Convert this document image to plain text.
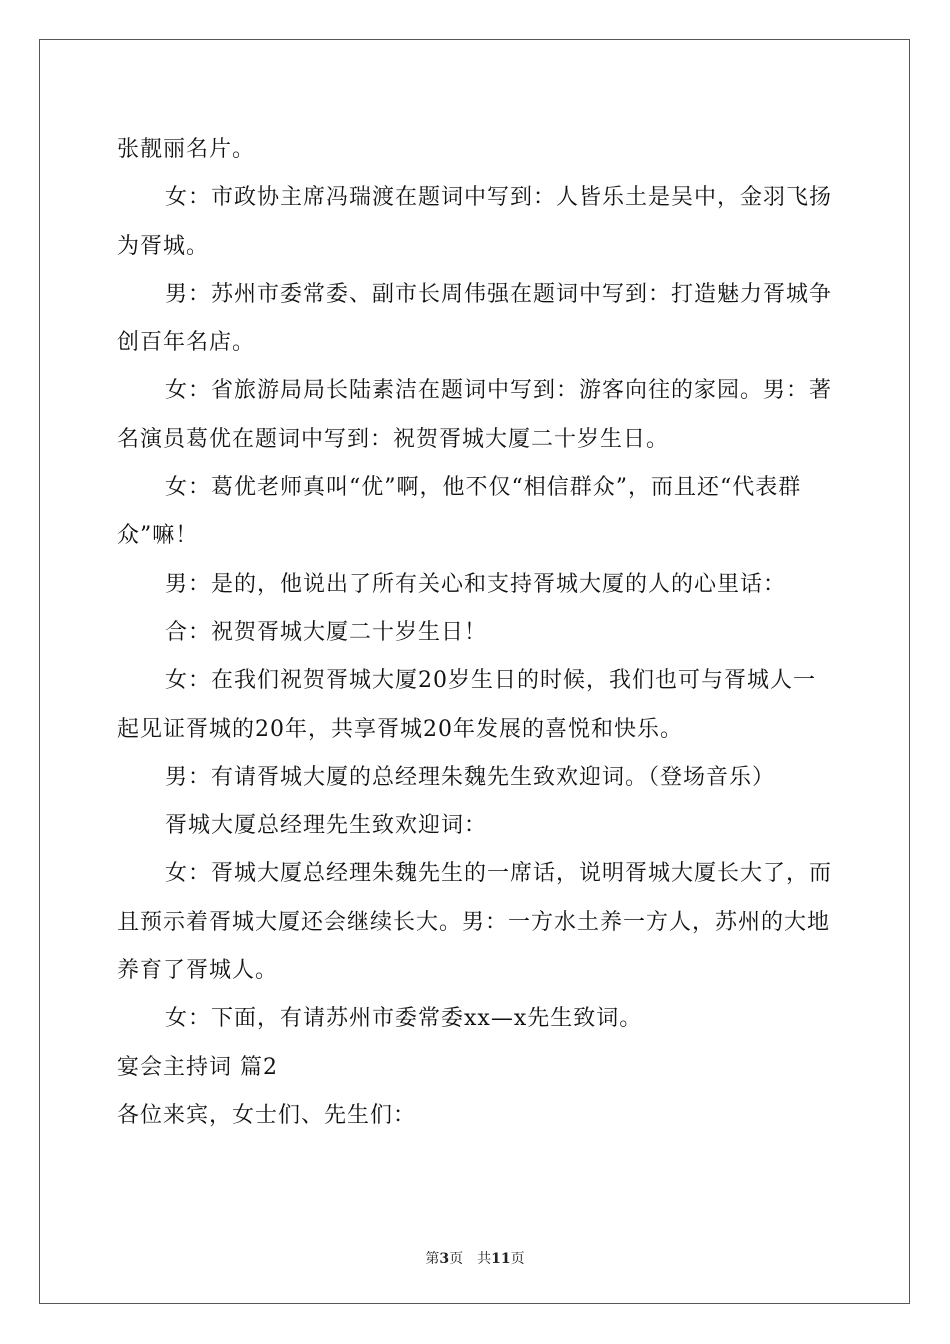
张靓丽名片。

女：市政协主席冯瑞渡在题词中写到：人皆乐土是吴中，金羽飞扬为胥城。

男：苏州市委常委、副市长周伟强在题词中写到：打造魅力胥城争创百年名店。

女：省旅游局局长陆素洁在题词中写到：游客向往的家园。男：著名演员葛优在题词中写到：祝贺胥城大厦二十岁生日。

女：葛优老师真叫“优”啊，他不仅“相信群众”，而且还“代表群众”嘛！

男：是的，他说出了所有关心和支持胥城大厦的人的心里话：

合：祝贺胥城大厦二十岁生日！

女：在我们祝贺胥城大厦20岁生日的时候，我们也可与胥城人一起见证胥城的20年，共享胥城20年发展的喜悦和快乐。

男：有请胥城大厦的总经理朱魏先生致欢迎词。（登场音乐）

胥城大厦总经理先生致欢迎词：

女：胥城大厦总经理朱魏先生的一席话，说明胥城大厦长大了，而且预示着胥城大厦还会继续长大。男：一方水土养一方人，苏州的大地养育了胥城人。

女：下面，有请苏州市委常委xx—x先生致词。

宴会主持词 篇2

各位来宾，女士们、先生们：

第3页 共11页
